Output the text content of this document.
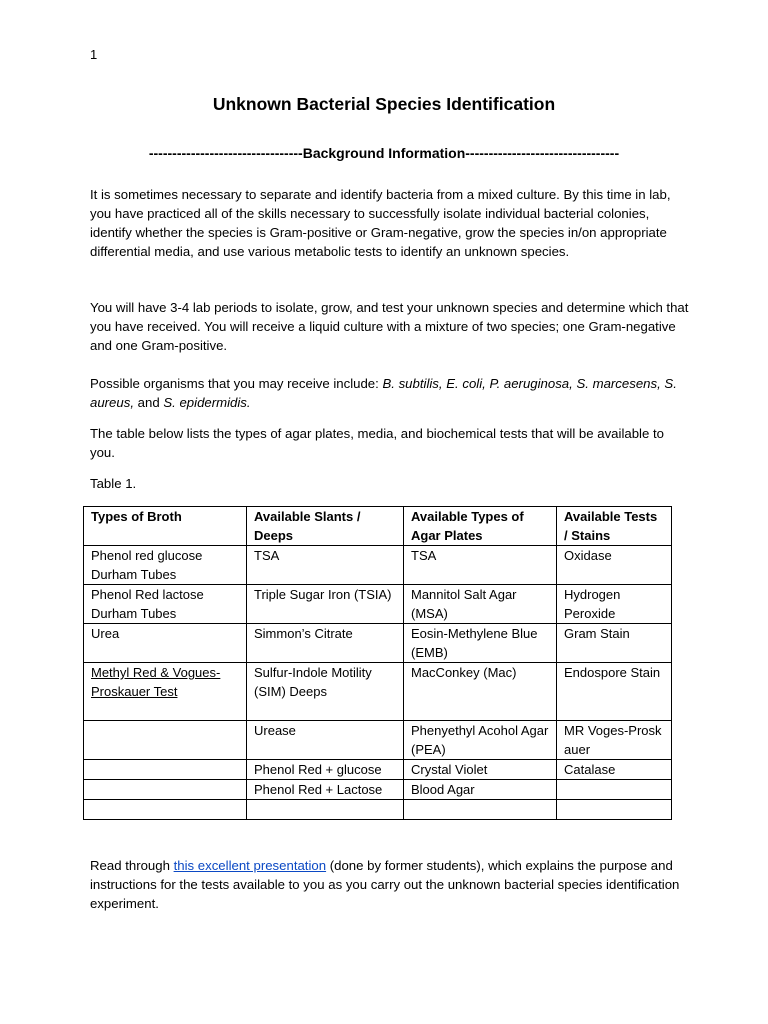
1
Unknown Bacterial Species Identification
---------------------------------Background Information---------------------------------
It is sometimes necessary to separate and identify bacteria from a mixed culture. By this time in lab, you have practiced all of the skills necessary to successfully isolate individual bacterial colonies, identify whether the species is Gram-positive or Gram-negative, grow the species in/on appropriate differential media, and use various metabolic tests to identify an unknown species.
You will have 3-4 lab periods to isolate, grow, and test your unknown species and determine which that you have received. You will receive a liquid culture with a mixture of two species; one Gram-negative and one Gram-positive.
Possible organisms that you may receive include: B. subtilis, E. coli, P. aeruginosa, S. marcesens, S. aureus, and S. epidermidis.
The table below lists the types of agar plates, media, and biochemical tests that will be available to you.
Table 1.
Types of Broth	Available Slants / Deeps	Available Types of Agar Plates	Available Tests / Stains
Phenol red glucose Durham Tubes	TSA	TSA	Oxidase
Phenol Red lactose Durham Tubes	Triple Sugar Iron (TSIA)	Mannitol Salt Agar (MSA)	Hydrogen Peroxide
Urea	Simmon’s Citrate	Eosin-Methylene Blue (EMB)	Gram Stain
Methyl Red & Vogues-Proskauer Test	Sulfur-Indole Motility (SIM) Deeps	MacConkey (Mac)	Endospore Stain
	Urease	Phenyethyl Acohol Agar (PEA)	MR Voges-Proskauer
	Phenol Red + glucose	Crystal Violet	Catalase
	Phenol Red + Lactose	Blood Agar	

Read through this excellent presentation (done by former students), which explains the purpose and instructions for the tests available to you as you carry out the unknown bacterial species identification experiment.
